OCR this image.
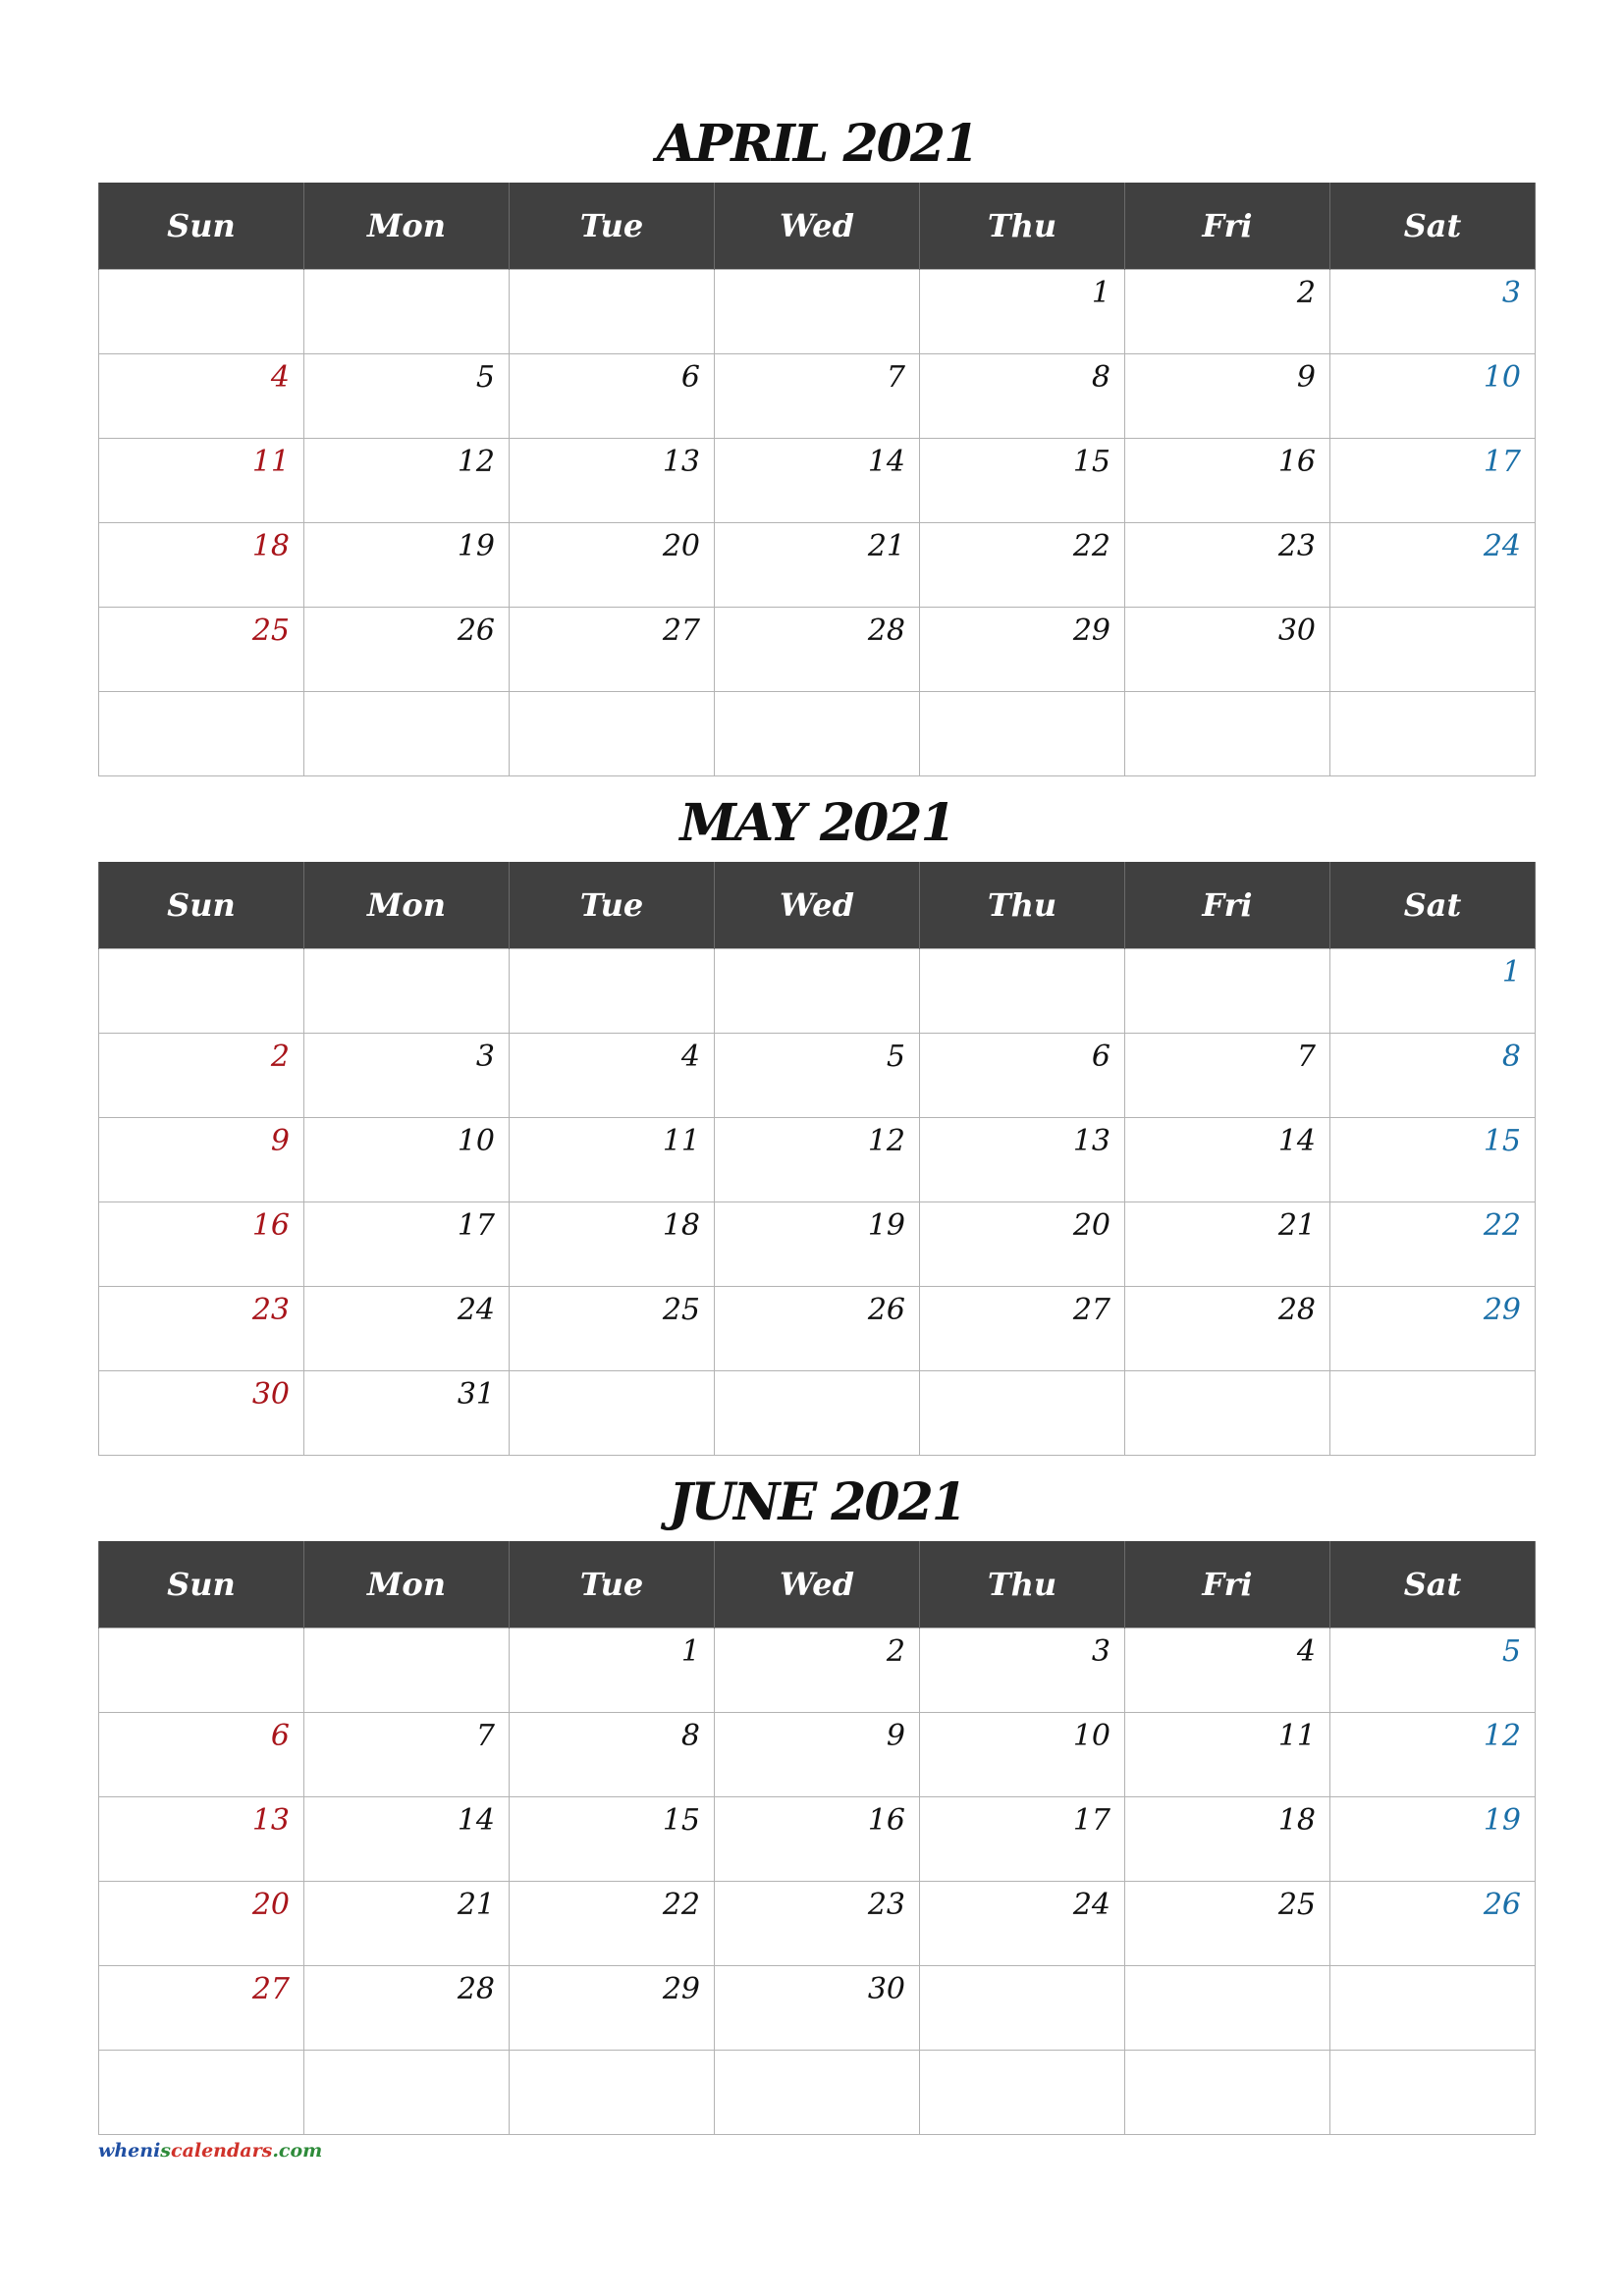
APRIL 2021
Sun	Mon	Tue	Wed	Thu	Fri	Sat
				1	2	3
4	5	6	7	8	9	10
11	12	13	14	15	16	17
18	19	20	21	22	23	24
25	26	27	28	29	30	

MAY 2021
Sun	Mon	Tue	Wed	Thu	Fri	Sat
						1
2	3	4	5	6	7	8
9	10	11	12	13	14	15
16	17	18	19	20	21	22
23	24	25	26	27	28	29
30	31					
JUNE 2021
Sun	Mon	Tue	Wed	Thu	Fri	Sat
		1	2	3	4	5
6	7	8	9	10	11	12
13	14	15	16	17	18	19
20	21	22	23	24	25	26
27	28	29	30			

wheniscalendars.com
